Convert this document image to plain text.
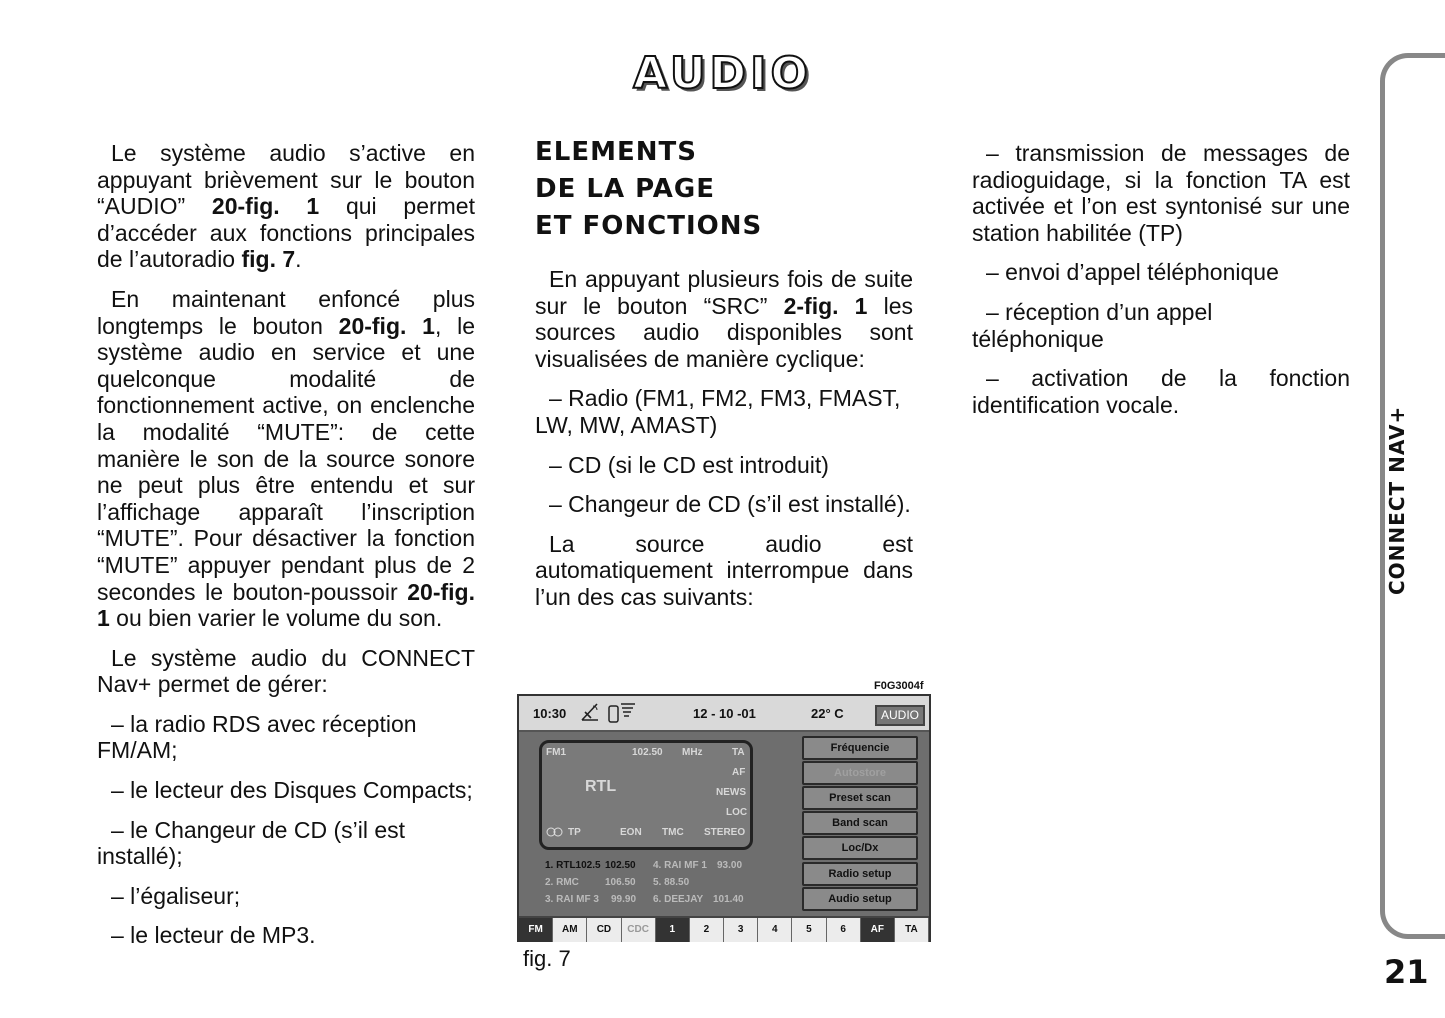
AUDIO

Le système audio s’active en appuyant brièvement sur le bouton “AUDIO” 20-fig. 1 qui permet d’accéder aux fonctions principales de l’autoradio fig. 7.

En maintenant enfoncé plus longtemps le bouton 20-fig. 1, le système audio en service et une quelconque modalité de fonctionnement active, on enclenche la modalité “MUTE”: de cette manière le son de la source sonore ne peut plus être entendu et sur l’affichage apparaît l’inscription “MUTE”. Pour désactiver la fonction “MUTE” appuyer pendant plus de 2 secondes le bouton-poussoir 20-fig. 1 ou bien varier le volume du son.

Le système audio du CONNECT Nav+ permet de gérer:

– la radio RDS avec réception FM/AM;

– le lecteur des Disques Compacts;

– le Changeur de CD (s’il est installé);

– l’égaliseur;

– le lecteur de MP3.

ELEMENTS
DE LA PAGE
ET FONCTIONS

En appuyant plusieurs fois de suite sur le bouton “SRC” 2-fig. 1 les sources audio disponibles sont visualisées de manière cyclique:

– Radio (FM1, FM2, FM3, FMAST, LW, MW, AMAST)

– CD (si le CD est introduit)

– Changeur de CD (s’il est installé).

La source audio est automatiquement interrompue dans l’un des cas suivants:

– transmission de messages de radioguidage, si la fonction TA est activée et l’on est syntonisé sur une station habilitée (TP)

– envoi d’appel téléphonique

– réception d’un appel téléphonique

– activation de la fonction identification vocale.

F0G3004f
10:30	12 - 10 -01	22° C	AUDIO
FM1	102.50 MHz	TA
AF
NEWS
LOC
RTL
TP	EON TMC STEREO
Fréquencie
Autostore
Preset scan
Band scan
Loc/Dx
Radio setup
Audio setup
1. RTL102.5 102.50
2. RMC	106.50
3. RAI MF 3 99.90
4. RAI MF 1 93.00
5. 88.50
6. DEEJAY 101.40
FM	AM	CD	CDC	1	2	3	4	5	6	AF	TA
fig. 7
CONNECT NAV+
21
